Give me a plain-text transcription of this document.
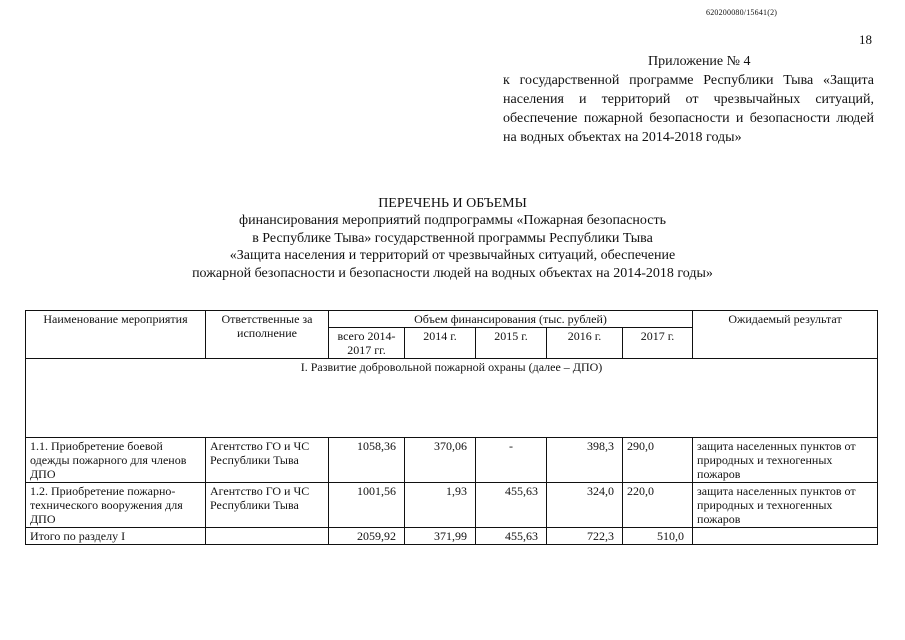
620200080/15641(2)
18
Приложение № 4
к государственной программе Республики Тыва «Защита населения и территорий от чрезвычайных ситуаций, обеспечение пожарной безопасности и безопасности людей на водных объектах на 2014-2018 годы»
ПЕРЕЧЕНЬ И ОБЪЕМЫ
финансирования мероприятий подпрограммы «Пожарная безопасность
в Республике Тыва» государственной программы Республики Тыва
«Защита населения и территорий от чрезвычайных ситуаций, обеспечение
пожарной безопасности и безопасности людей на водных объектах на 2014-2018 годы»
Наименование мероприятия	Ответственные за исполнение	Объем финансирования (тыс. рублей)					Ожидаемый результат
		всего 2014-2017 гг.	2014 г.	2015 г.	2016 г.	2017 г.	
I. Развитие добровольной пожарной охраны (далее – ДПО)							
1.1. Приобретение боевой одежды пожарного для членов ДПО	Агентство ГО и ЧС Республики Тыва	1058,36	370,06	-	398,3	290,0	защита населенных пунктов от природных и техногенных пожаров
1.2. Приобретение пожарно-технического вооружения для ДПО	Агентство ГО и ЧС Республики Тыва	1001,56	1,93	455,63	324,0	220,0	защита населенных пунктов от природных и техногенных пожаров
Итого по разделу I		2059,92	371,99	455,63	722,3	510,0	
